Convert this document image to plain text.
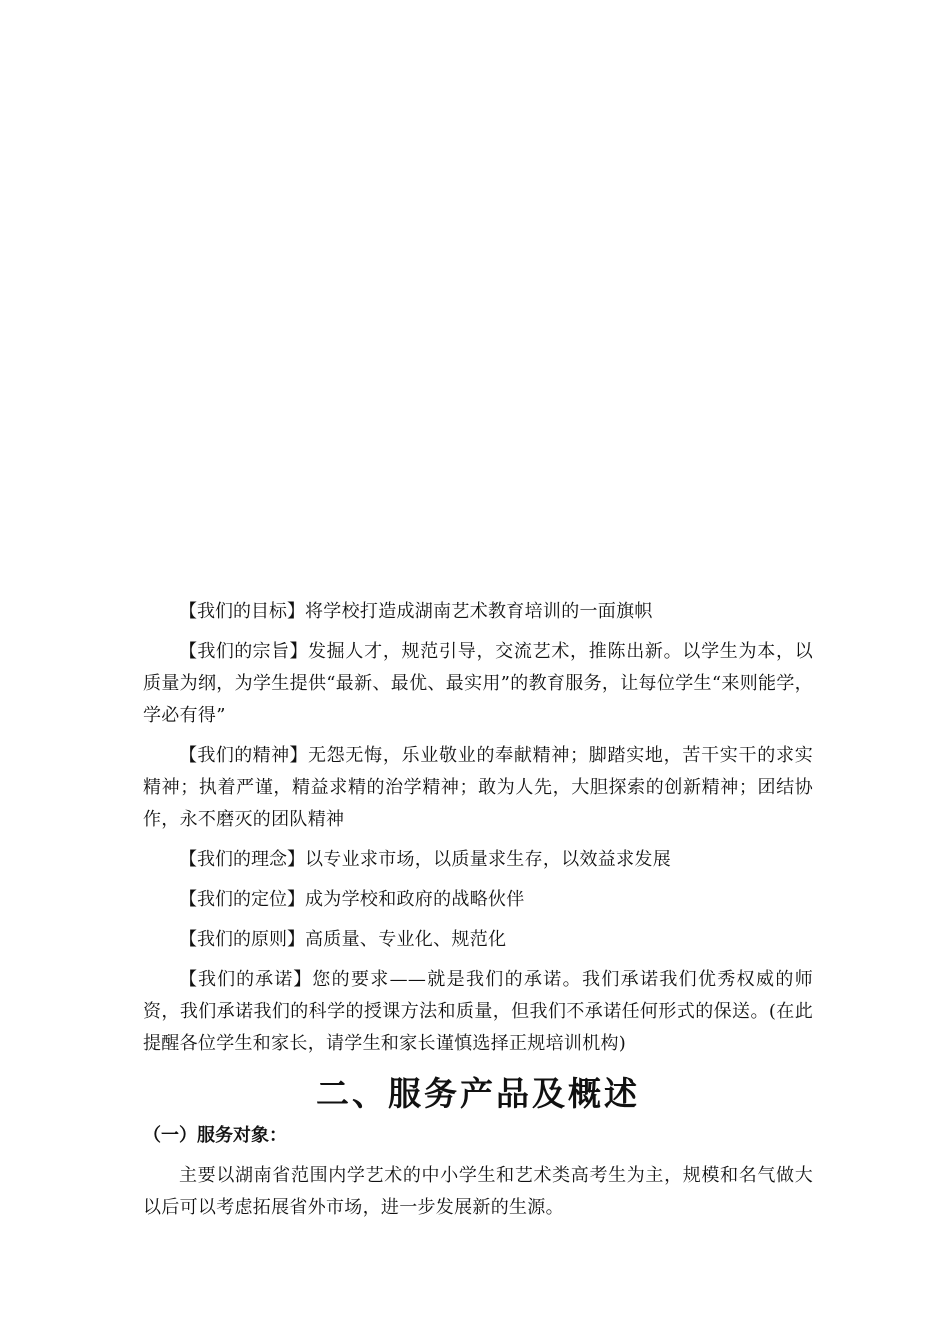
【我们的目标】将学校打造成湖南艺术教育培训的一面旗帜

【我们的宗旨】发掘人才，规范引导，交流艺术，推陈出新。以学生为本，以质量为纲，为学生提供“最新、最优、最实用”的教育服务，让每位学生“来则能学，学必有得”

【我们的精神】无怨无悔，乐业敬业的奉献精神；脚踏实地，苦干实干的求实精神；执着严谨，精益求精的治学精神；敢为人先，大胆探索的创新精神；团结协作，永不磨灭的团队精神

【我们的理念】以专业求市场，以质量求生存，以效益求发展

【我们的定位】成为学校和政府的战略伙伴

【我们的原则】高质量、专业化、规范化

【我们的承诺】您的要求——就是我们的承诺。我们承诺我们优秀权威的师资，我们承诺我们的科学的授课方法和质量，但我们不承诺任何形式的保送。(在此提醒各位学生和家长，请学生和家长谨慎选择正规培训机构)

二、服务产品及概述
（一）服务对象：

主要以湖南省范围内学艺术的中小学生和艺术类高考生为主，规模和名气做大以后可以考虑拓展省外市场，进一步发展新的生源。
